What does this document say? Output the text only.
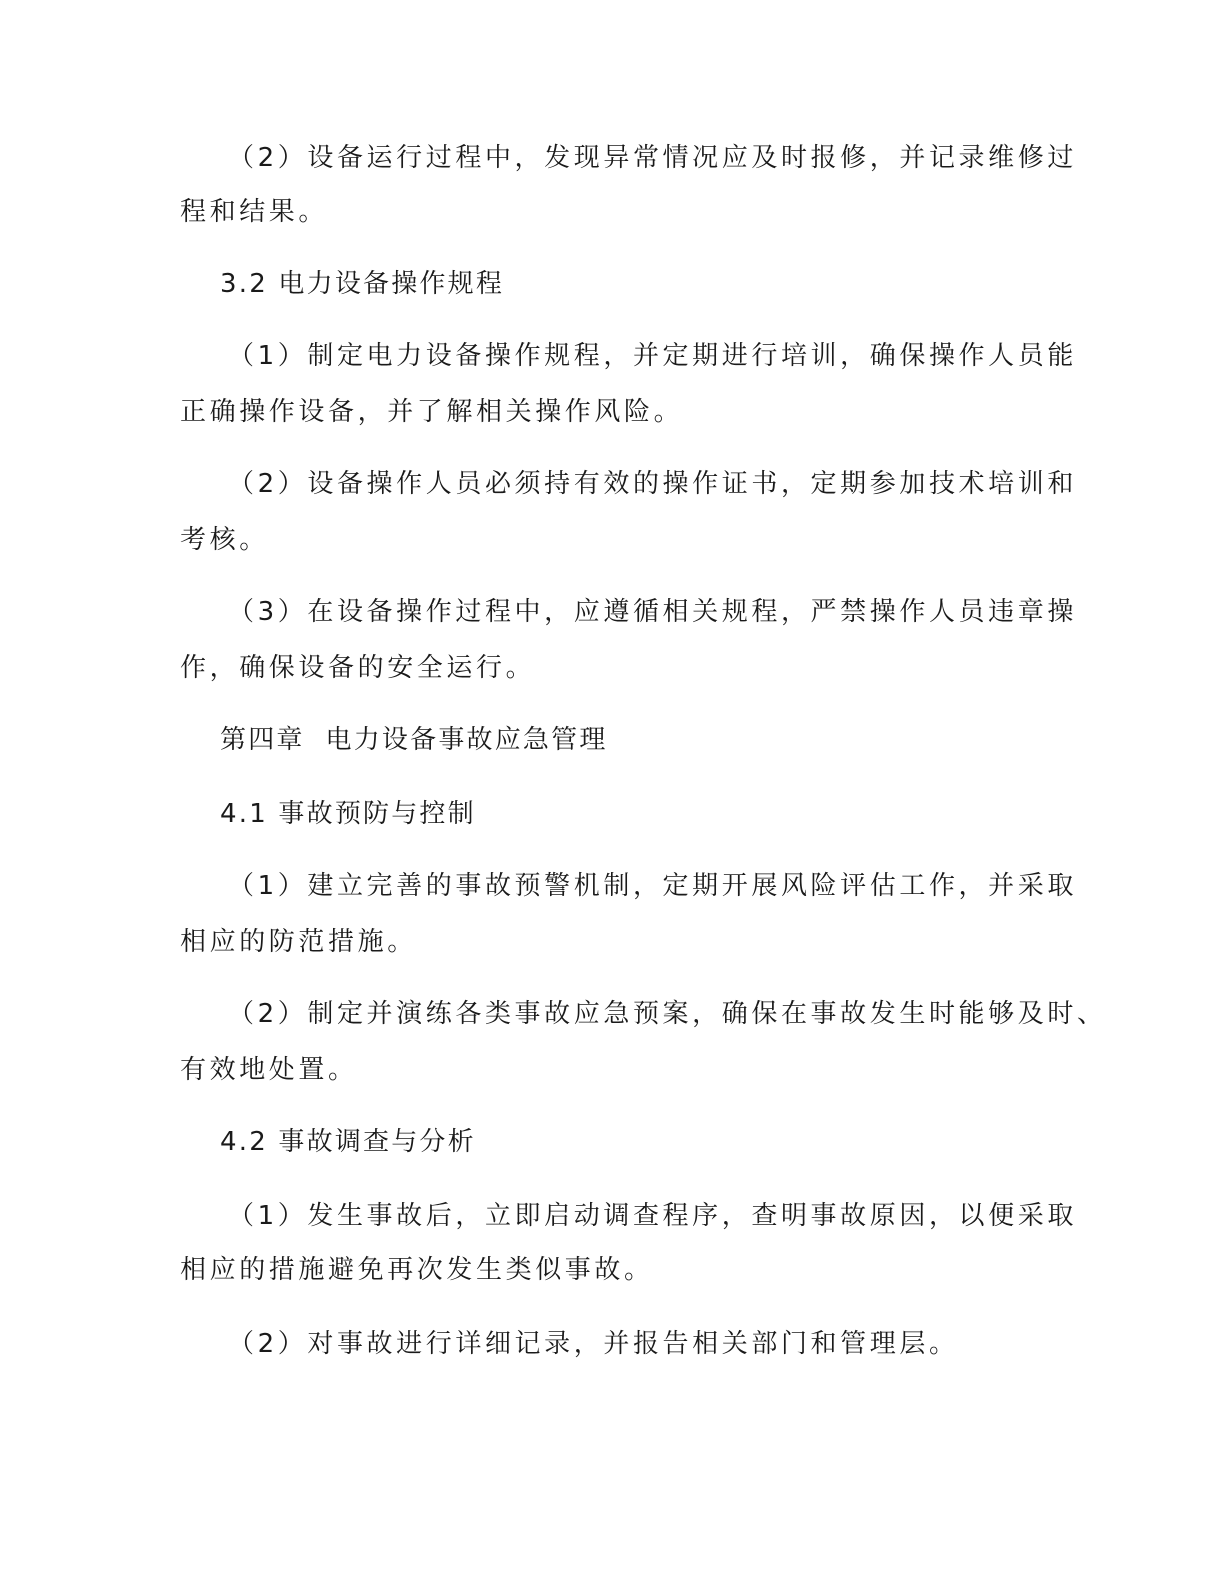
（2）设备运行过程中，发现异常情况应及时报修，并记录维修过

程和结果。

3.2 电力设备操作规程

（1）制定电力设备操作规程，并定期进行培训，确保操作人员能

正确操作设备，并了解相关操作风险。

（2）设备操作人员必须持有效的操作证书，定期参加技术培训和

考核。

（3）在设备操作过程中，应遵循相关规程，严禁操作人员违章操

作，确保设备的安全运行。

第四章  电力设备事故应急管理

4.1 事故预防与控制

（1）建立完善的事故预警机制，定期开展风险评估工作，并采取

相应的防范措施。

（2）制定并演练各类事故应急预案，确保在事故发生时能够及时、

有效地处置。

4.2 事故调查与分析

（1）发生事故后，立即启动调查程序，查明事故原因，以便采取

相应的措施避免再次发生类似事故。

（2）对事故进行详细记录，并报告相关部门和管理层。
